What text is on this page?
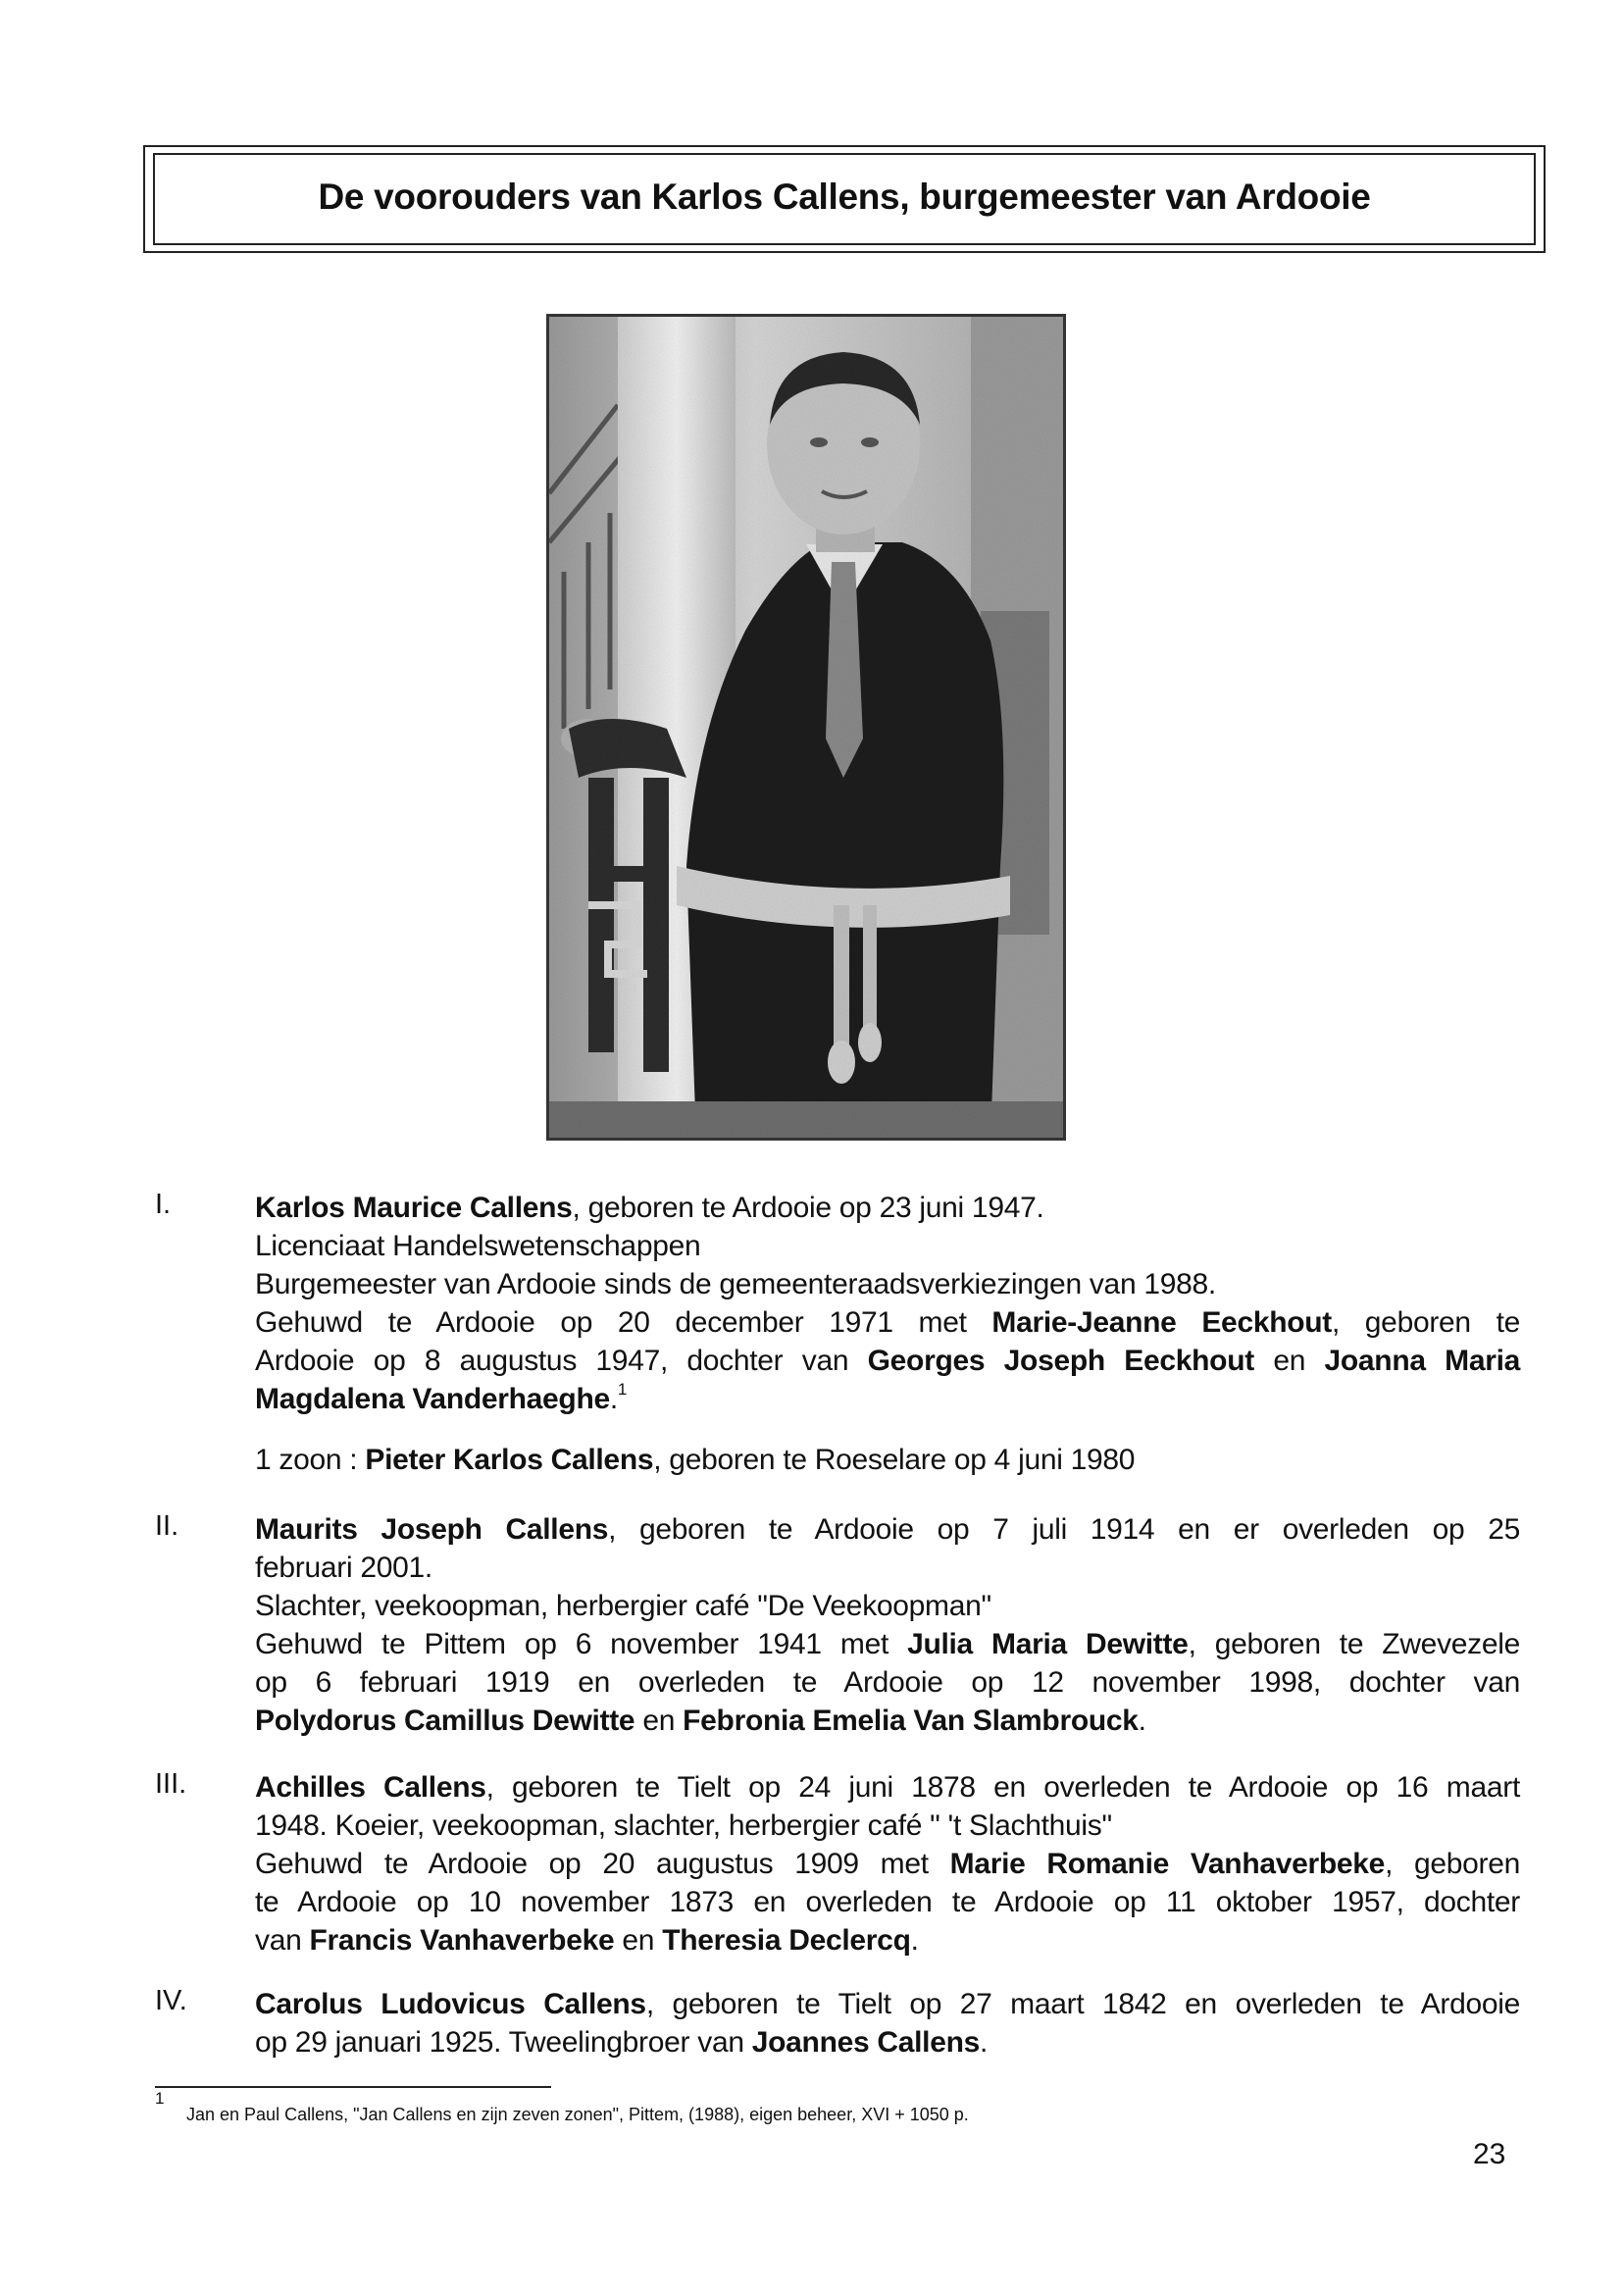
De voorouders van Karlos Callens, burgemeester van Ardooie
I.	Karlos Maurice Callens, geboren te Ardooie op 23 juni 1947.
Licenciaat Handelswetenschappen
Burgemeester van Ardooie sinds de gemeenteraadsverkiezingen van 1988.
Gehuwd te Ardooie op 20 december 1971 met Marie-Jeanne Eeckhout, geboren te
Ardooie op 8 augustus 1947, dochter van Georges Joseph Eeckhout en Joanna Maria
Magdalena Vanderhaeghe.$^1$
1 zoon : Pieter Karlos Callens, geboren te Roeselare op 4 juni 1980
II.	Maurits Joseph Callens, geboren te Ardooie op 7 juli 1914 en er overleden op 25
februari 2001.
Slachter, veekoopman, herbergier café "De Veekoopman"
Gehuwd te Pittem op 6 november 1941 met Julia Maria Dewitte, geboren te Zwevezele
op 6 februari 1919 en overleden te Ardooie op 12 november 1998, dochter van
Polydorus Camillus Dewitte en Febronia Emelia Van Slambrouck.
III. Achilles Callens, geboren te Tielt op 24 juni 1878 en overleden te Ardooie op 16 maart
1948. Koeier, veekoopman, slachter, herbergier café " 't Slachthuis"
Gehuwd te Ardooie op 20 augustus 1909 met Marie Romanie Vanhaverbeke, geboren
te Ardooie op 10 november 1873 en overleden te Ardooie op 11 oktober 1957, dochter
van Francis Vanhaverbeke en Theresia Declercq.
IV. Carolus Ludovicus Callens, geboren te Tielt op 27 maart 1842 en overleden te Ardooie
op 29 januari 1925. Tweelingbroer van Joannes Callens.
1
Jan en Paul Callens, "Jan Callens en zijn zeven zonen", Pittem, (1988), eigen beheer, XVI + 1050 p.
23
